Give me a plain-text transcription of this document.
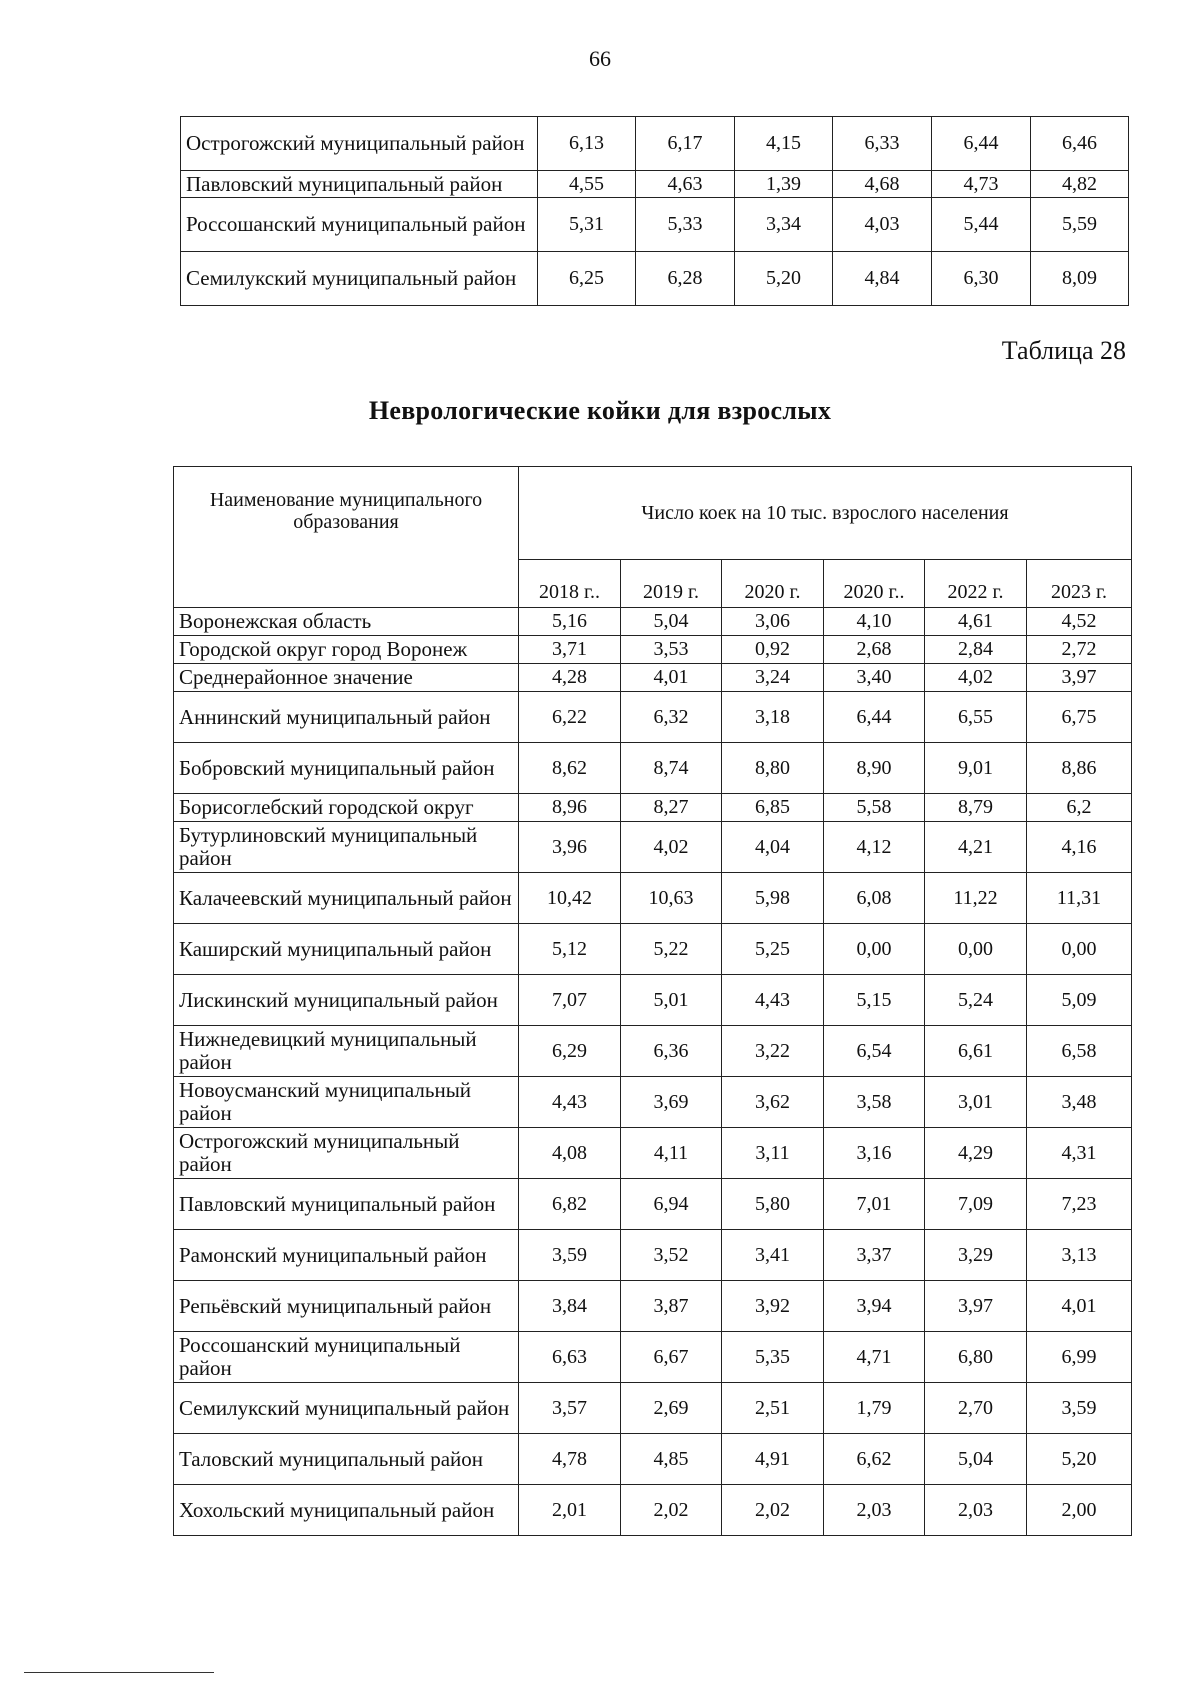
66
Острогожский муниципальный район	6,13	6,17	4,15	6,33	6,44	6,46
Павловский муниципальный район	4,55	4,63	1,39	4,68	4,73	4,82
Россошанский муниципальный район	5,31	5,33	3,34	4,03	5,44	5,59
Семилукский муниципальный район	6,25	6,28	5,20	4,84	6,30	8,09
Таблица 28
Неврологические койки для взрослых
Наименование муниципального образования	Число коек на 10 тыс. взрослого населения					
	2018 г..	2019 г.	2020 г.	2020 г..	2022 г.	2023 г.
Воронежская область	5,16	5,04	3,06	4,10	4,61	4,52
Городской округ город Воронеж	3,71	3,53	0,92	2,68	2,84	2,72
Среднерайонное значение	4,28	4,01	3,24	3,40	4,02	3,97
Аннинский муниципальный район	6,22	6,32	3,18	6,44	6,55	6,75
Бобровский муниципальный район	8,62	8,74	8,80	8,90	9,01	8,86
Борисоглебский городской округ	8,96	8,27	6,85	5,58	8,79	6,2
Бутурлиновский муниципальный район	3,96	4,02	4,04	4,12	4,21	4,16
Калачеевский муниципальный район	10,42	10,63	5,98	6,08	11,22	11,31
Каширский муниципальный район	5,12	5,22	5,25	0,00	0,00	0,00
Лискинский муниципальный район	7,07	5,01	4,43	5,15	5,24	5,09
Нижнедевицкий муниципальный район	6,29	6,36	3,22	6,54	6,61	6,58
Новоусманский муниципальный район	4,43	3,69	3,62	3,58	3,01	3,48
Острогожский муниципальный район	4,08	4,11	3,11	3,16	4,29	4,31
Павловский муниципальный район	6,82	6,94	5,80	7,01	7,09	7,23
Рамонский муниципальный район	3,59	3,52	3,41	3,37	3,29	3,13
Репьёвский муниципальный район	3,84	3,87	3,92	3,94	3,97	4,01
Россошанский муниципальный район	6,63	6,67	5,35	4,71	6,80	6,99
Семилукский муниципальный район	3,57	2,69	2,51	1,79	2,70	3,59
Таловский муниципальный район	4,78	4,85	4,91	6,62	5,04	5,20
Хохольский муниципальный район	2,01	2,02	2,02	2,03	2,03	2,00
